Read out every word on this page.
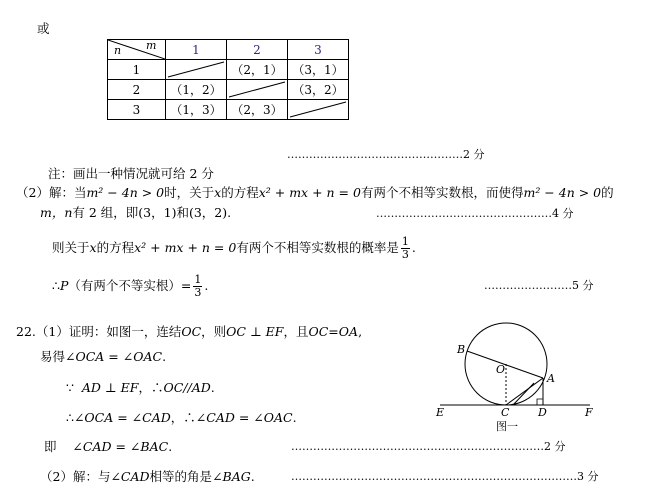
或
n m	1	2	3
1		（2，1）	（3，1）
2	（1，2）		（3，2）
3	（1，3）	（2，3）	
…………………………………………2 分
注：画出一种情况就可给 2 分
（2）解：当m² − 4n > 0时，关于x的方程x² + mx + n = 0有两个不相等实数根，而使得m² − 4n > 0的
m，n有 2 组，即(3，1)和(3，2).	…………………………………………4 分
则关于x的方程x² + mx + n = 0有两个不相等实数根的概率是 $\frac{1}{3}$ .
∴P（有两个不等实根）= $\frac{1}{3}$ .	……………………5 分
22.（1）证明：如图一，连结OC，则OC ⊥ EF，且OC=OA,
易得∠OCA = ∠OAC.
∵ AD ⊥ EF，∴OC//AD.
∴∠OCA = ∠CAD，∴∠CAD = ∠OAC.
即 ∠CAD = ∠BAC.	……………………………………………………………2 分
（2）解：与∠CAD相等的角是∠BAG.	……………………………………………………………………3 分
B
O
A
E	C	D	F
图一
